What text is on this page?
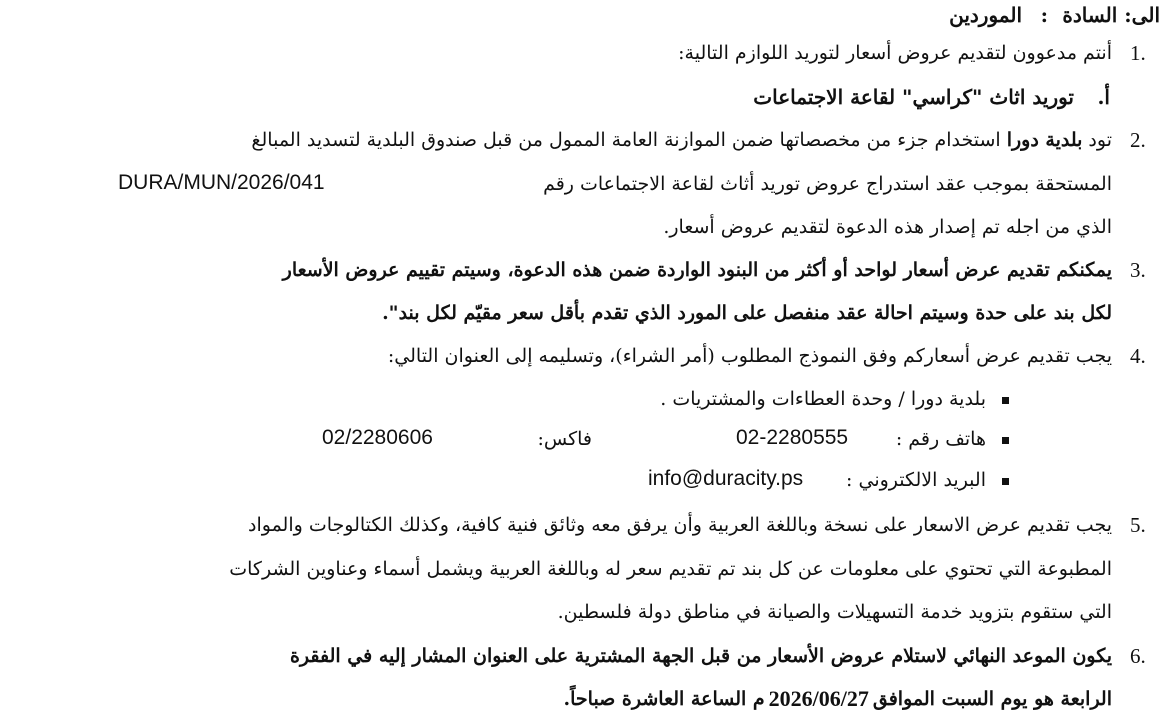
الى: السادة
:
الموردين
1.
أنتم مدعوون لتقديم عروض أسعار لتوريد اللوازم التالية:
أ.
توريد اثاث "كراسي" لقاعة الاجتماعات
2.
تود
بلدية دورا
استخدام جزء من مخصصاتها ضمن الموازنة العامة الممول من قبل صندوق البلدية لتسديد المبالغ
المستحقة بموجب عقد استدراج عروض توريد أثاث لقاعة الاجتماعات رقم
DURA/MUN/2026/041
الذي من اجله تم إصدار هذه الدعوة لتقديم عروض أسعار.
3.
يمكنكم تقديم عرض أسعار لواحد أو أكثر من البنود الواردة ضمن هذه الدعوة، وسيتم تقييم عروض الأسعار
لكل بند على حدة وسيتم احالة عقد منفصل على المورد الذي تقدم بأقل سعر مقيّم لكل بند".
4.
يجب تقديم عرض أسعاركم وفق النموذج المطلوب (أمر الشراء)، وتسليمه إلى العنوان التالي:
بلدية دورا / وحدة العطاءات والمشتريات .
هاتف رقم :
02-2280555
فاكس:
02/2280606
البريد الالكتروني :
info@duracity.ps
5.
يجب تقديم عرض الاسعار على نسخة وباللغة العربية وأن يرفق معه وثائق فنية كافية، وكذلك الكتالوجات والمواد
المطبوعة التي تحتوي على معلومات عن كل بند تم تقديم سعر له وباللغة العربية ويشمل أسماء وعناوين الشركات
التي ستقوم بتزويد خدمة التسهيلات والصيانة في مناطق دولة فلسطين.
6.
يكون الموعد النهائي لاستلام عروض الأسعار من قبل الجهة المشترية على العنوان المشار إليه في الفقرة
الرابعة هو يوم السبت الموافق
2026/06/27
م الساعة العاشرة صباحاً.
